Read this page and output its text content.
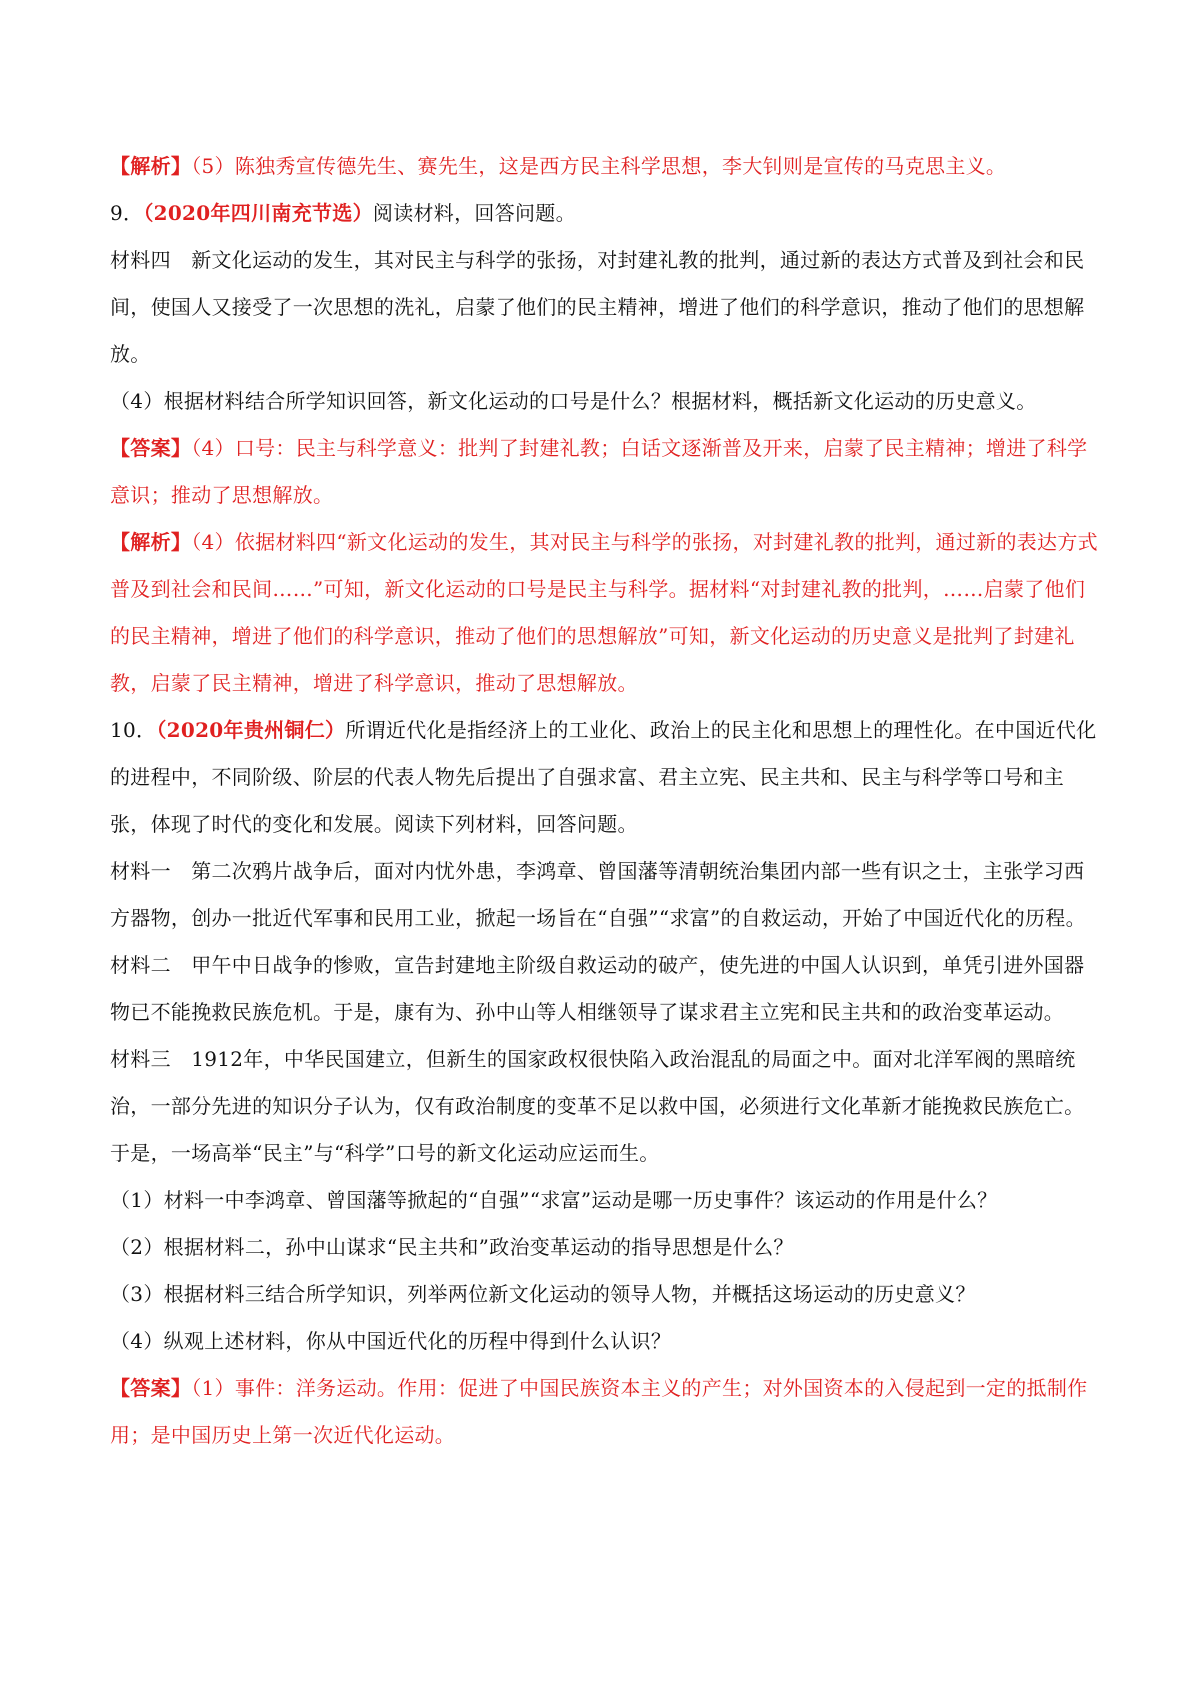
【解析】（5）陈独秀宣传德先生、赛先生，这是西方民主科学思想，李大钊则是宣传的马克思主义。

9．（2020年四川南充节选）阅读材料，回答问题。

材料四　新文化运动的发生，其对民主与科学的张扬，对封建礼教的批判，通过新的表达方式普及到社会和民间，使国人又接受了一次思想的洗礼，启蒙了他们的民主精神，增进了他们的科学意识，推动了他们的思想解放。

（4）根据材料结合所学知识回答，新文化运动的口号是什么？根据材料，概括新文化运动的历史意义。

【答案】（4）口号：民主与科学意义：批判了封建礼教；白话文逐渐普及开来，启蒙了民主精神；增进了科学意识；推动了思想解放。

【解析】（4）依据材料四“新文化运动的发生，其对民主与科学的张扬，对封建礼教的批判，通过新的表达方式普及到社会和民间……”可知，新文化运动的口号是民主与科学。据材料“对封建礼教的批判，……启蒙了他们的民主精神，增进了他们的科学意识，推动了他们的思想解放”可知，新文化运动的历史意义是批判了封建礼教，启蒙了民主精神，增进了科学意识，推动了思想解放。

10．（2020年贵州铜仁）所谓近代化是指经济上的工业化、政治上的民主化和思想上的理性化。在中国近代化的进程中，不同阶级、阶层的代表人物先后提出了自强求富、君主立宪、民主共和、民主与科学等口号和主张，体现了时代的变化和发展。阅读下列材料，回答问题。

材料一　第二次鸦片战争后，面对内忧外患，李鸿章、曾国藩等清朝统治集团内部一些有识之士，主张学习西方器物，创办一批近代军事和民用工业，掀起一场旨在“自强”“求富”的自救运动，开始了中国近代化的历程。

材料二　甲午中日战争的惨败，宣告封建地主阶级自救运动的破产，使先进的中国人认识到，单凭引进外国器物已不能挽救民族危机。于是，康有为、孙中山等人相继领导了谋求君主立宪和民主共和的政治变革运动。

材料三　1912年，中华民国建立，但新生的国家政权很快陷入政治混乱的局面之中。面对北洋军阀的黑暗统治，一部分先进的知识分子认为，仅有政治制度的变革不足以救中国，必须进行文化革新才能挽救民族危亡。于是，一场高举“民主”与“科学”口号的新文化运动应运而生。

（1）材料一中李鸿章、曾国藩等掀起的“自强”“求富”运动是哪一历史事件？该运动的作用是什么？

（2）根据材料二，孙中山谋求“民主共和”政治变革运动的指导思想是什么？

（3）根据材料三结合所学知识，列举两位新文化运动的领导人物，并概括这场运动的历史意义？

（4）纵观上述材料，你从中国近代化的历程中得到什么认识？

【答案】（1）事件：洋务运动。作用：促进了中国民族资本主义的产生；对外国资本的入侵起到一定的抵制作用；是中国历史上第一次近代化运动。
